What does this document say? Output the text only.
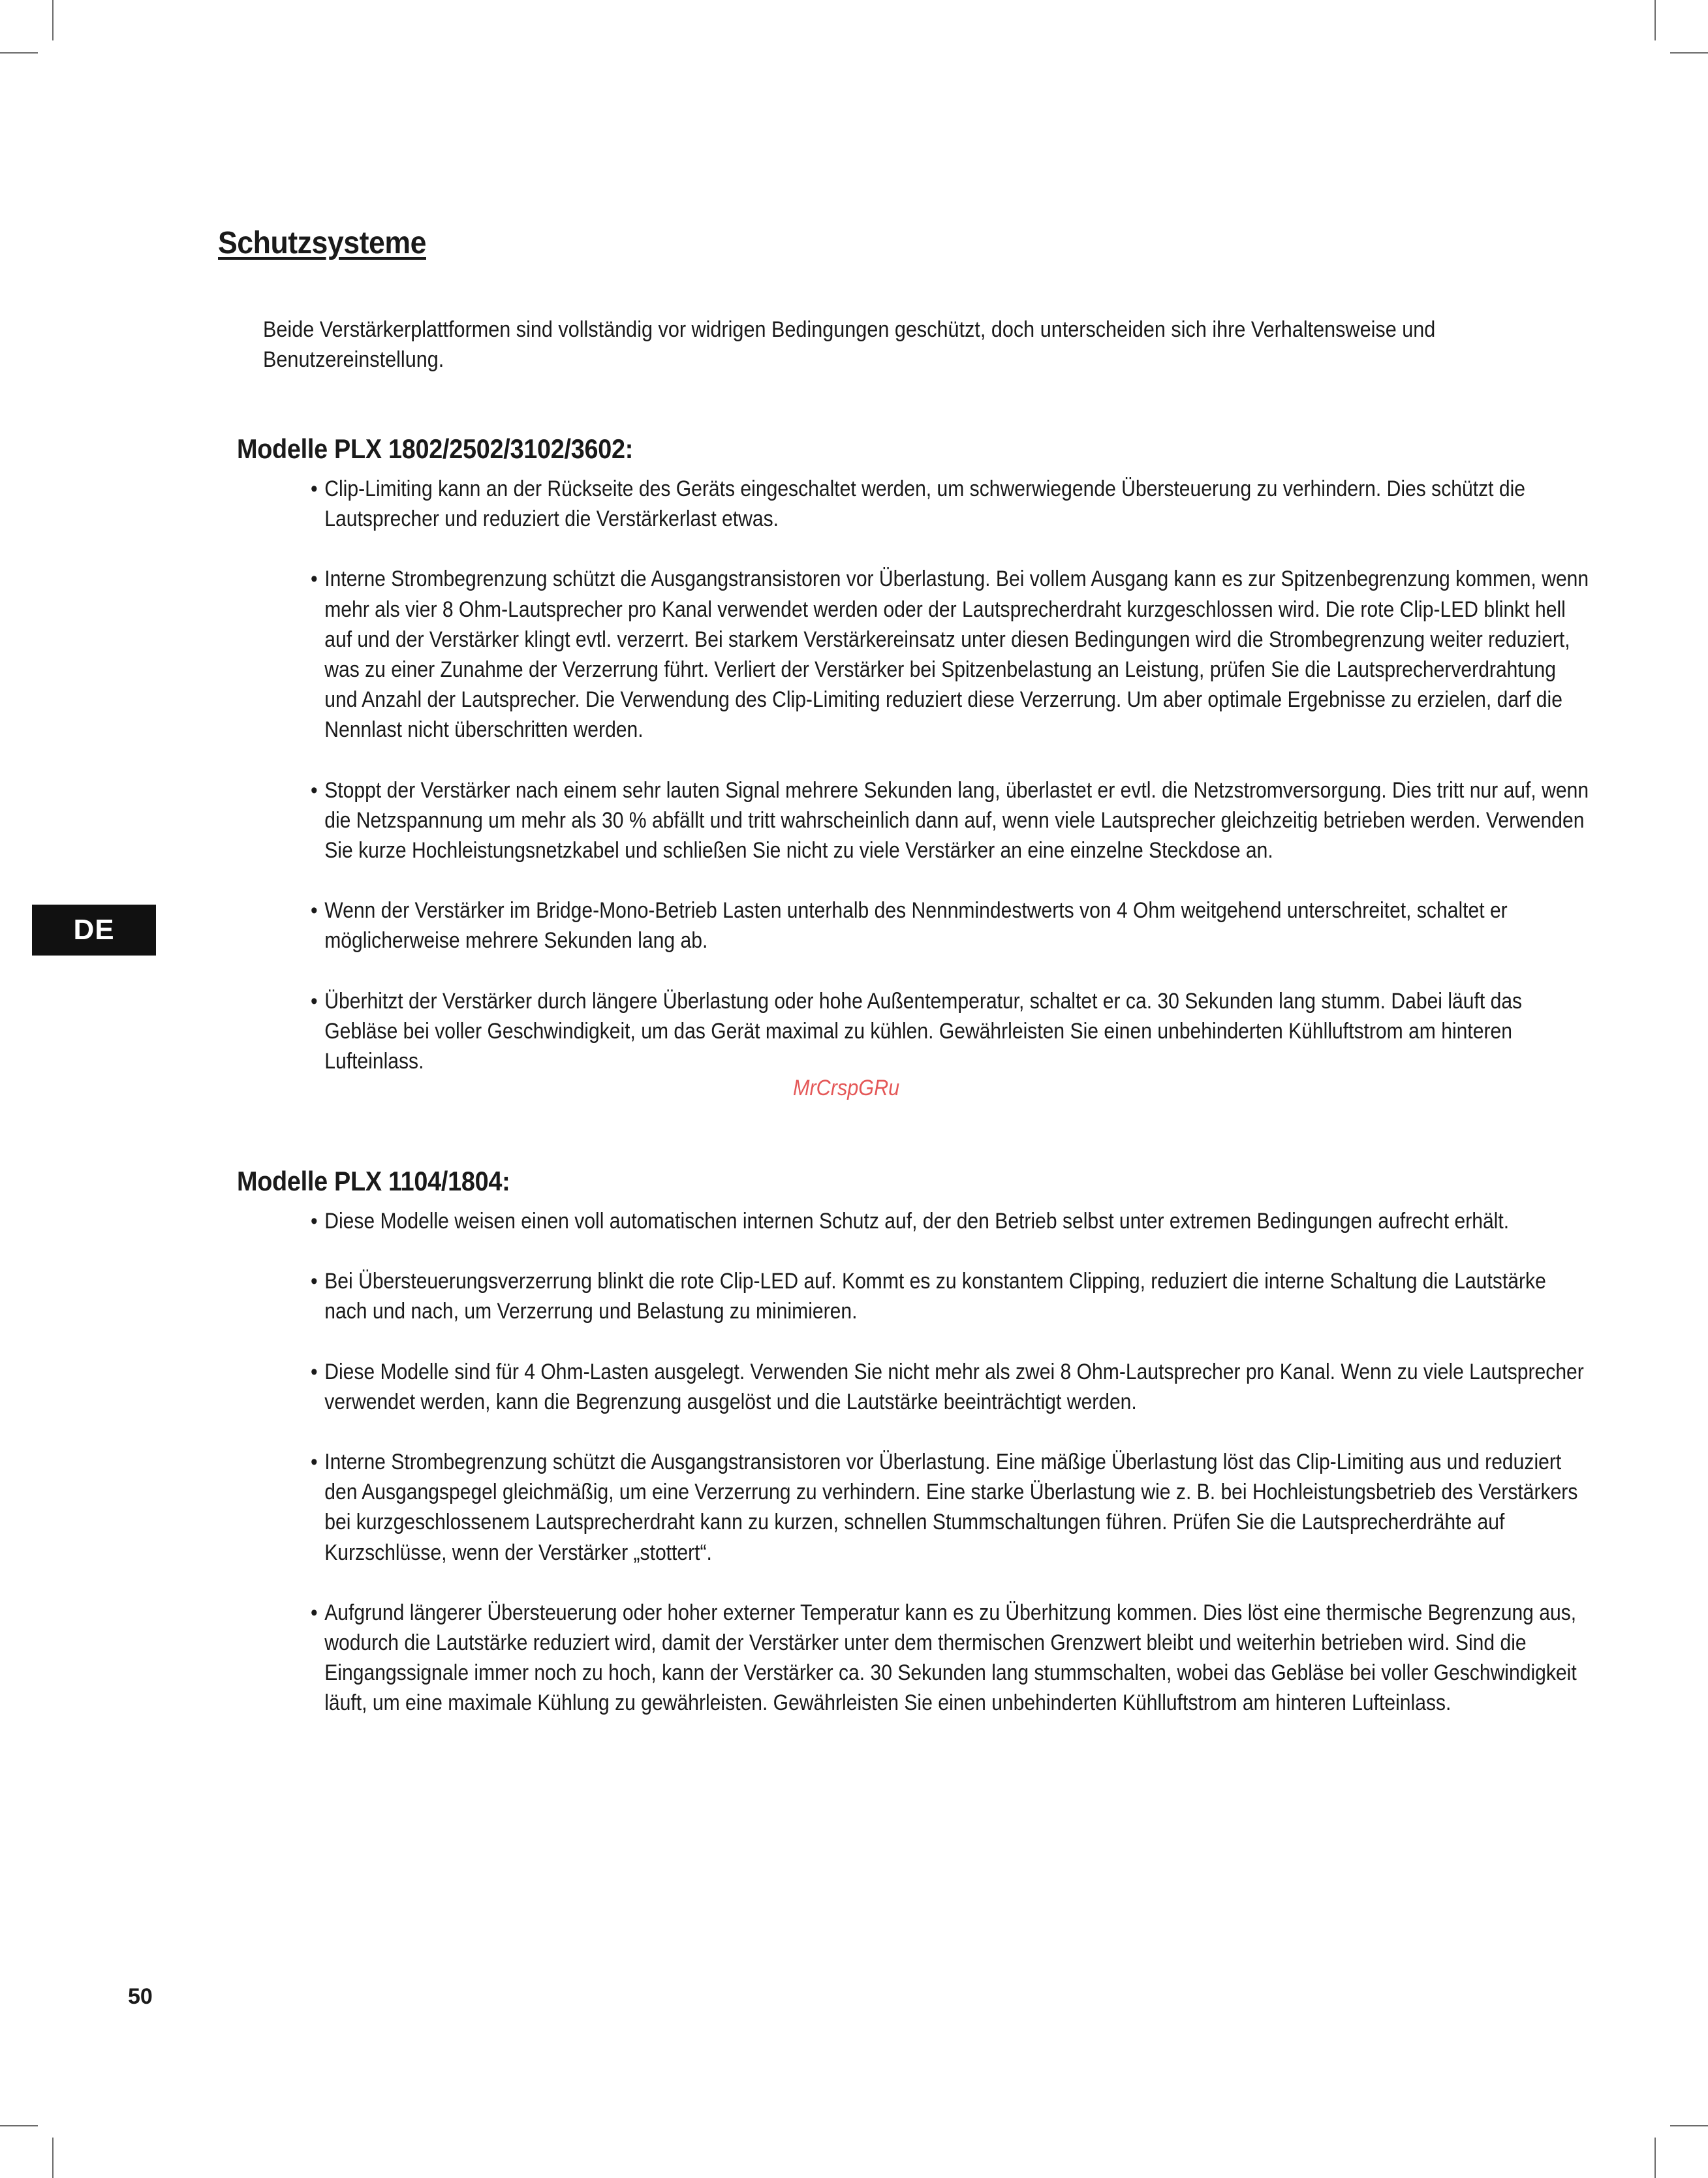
Schutzsysteme
Beide Verstärkerplattformen sind vollständig vor widrigen Bedingungen geschützt, doch unterscheiden sich ihre Verhaltensweise und Benutzereinstellung.
Modelle PLX 1802/2502/3102/3602:

• Clip-Limiting kann an der Rückseite des Geräts eingeschaltet werden, um schwerwiegende Übersteuerung zu verhindern. Dies schützt die Lautsprecher und reduziert die Verstärkerlast etwas.

• Interne Strombegrenzung schützt die Ausgangstransistoren vor Überlastung. Bei vollem Ausgang kann es zur Spitzenbegrenzung kommen, wenn mehr als vier 8 Ohm-Lautsprecher pro Kanal verwendet werden oder der Lautsprecherdraht kurzgeschlossen wird. Die rote Clip-LED blinkt hell auf und der Verstärker klingt evtl. verzerrt. Bei starkem Verstärkereinsatz unter diesen Bedingungen wird die Strombegrenzung weiter reduziert, was zu einer Zunahme der Verzerrung führt. Verliert der Verstärker bei Spitzenbelastung an Leistung, prüfen Sie die Lautsprecherverdrahtung und Anzahl der Lautsprecher. Die Verwendung des Clip-Limiting reduziert diese Verzerrung. Um aber optimale Ergebnisse zu erzielen, darf die Nennlast nicht überschritten werden.

• Stoppt der Verstärker nach einem sehr lauten Signal mehrere Sekunden lang, überlastet er evtl. die Netzstromversorgung. Dies tritt nur auf, wenn die Netzspannung um mehr als 30 % abfällt und tritt wahrscheinlich dann auf, wenn viele Lautsprecher gleichzeitig betrieben werden. Verwenden Sie kurze Hochleistungsnetzkabel und schließen Sie nicht zu viele Verstärker an eine einzelne Steckdose an.

• Wenn der Verstärker im Bridge-Mono-Betrieb Lasten unterhalb des Nennmindestwerts von 4 Ohm weitgehend unterschreitet, schaltet er möglicherweise mehrere Sekunden lang ab.

• Überhitzt der Verstärker durch längere Überlastung oder hohe Außentemperatur, schaltet er ca. 30 Sekunden lang stumm. Dabei läuft das Gebläse bei voller Geschwindigkeit, um das Gerät maximal zu kühlen. Gewährleisten Sie einen unbehinderten Kühlluftstrom am hinteren Lufteinlass.

Modelle PLX 1104/1804:

• Diese Modelle weisen einen voll automatischen internen Schutz auf, der den Betrieb selbst unter extremen Bedingungen aufrecht erhält.

• Bei Übersteuerungsverzerrung blinkt die rote Clip-LED auf. Kommt es zu konstantem Clipping, reduziert die interne Schaltung die Lautstärke nach und nach, um Verzerrung und Belastung zu minimieren.

• Diese Modelle sind für 4 Ohm-Lasten ausgelegt. Verwenden Sie nicht mehr als zwei 8 Ohm-Lautsprecher pro Kanal. Wenn zu viele Lautsprecher verwendet werden, kann die Begrenzung ausgelöst und die Lautstärke beeinträchtigt werden.

• Interne Strombegrenzung schützt die Ausgangstransistoren vor Überlastung. Eine mäßige Überlastung löst das Clip-Limiting aus und reduziert den Ausgangspegel gleichmäßig, um eine Verzerrung zu verhindern. Eine starke Überlastung wie z. B. bei Hochleistungsbetrieb des Verstärkers bei kurzgeschlossenem Lautsprecherdraht kann zu kurzen, schnellen Stummschaltungen führen. Prüfen Sie die Lautsprecherdrähte auf Kurzschlüsse, wenn der Verstärker „stottert“.

• Aufgrund längerer Übersteuerung oder hoher externer Temperatur kann es zu Überhitzung kommen. Dies löst eine thermische Begrenzung aus, wodurch die Lautstärke reduziert wird, damit der Verstärker unter dem thermischen Grenzwert bleibt und weiterhin betrieben wird. Sind die Eingangssignale immer noch zu hoch, kann der Verstärker ca. 30 Sekunden lang stummschalten, wobei das Gebläse bei voller Geschwindigkeit läuft, um eine maximale Kühlung zu gewährleisten. Gewährleisten Sie einen unbehinderten Kühlluftstrom am hinteren Lufteinlass.

MrCrspGRu
DE
50
